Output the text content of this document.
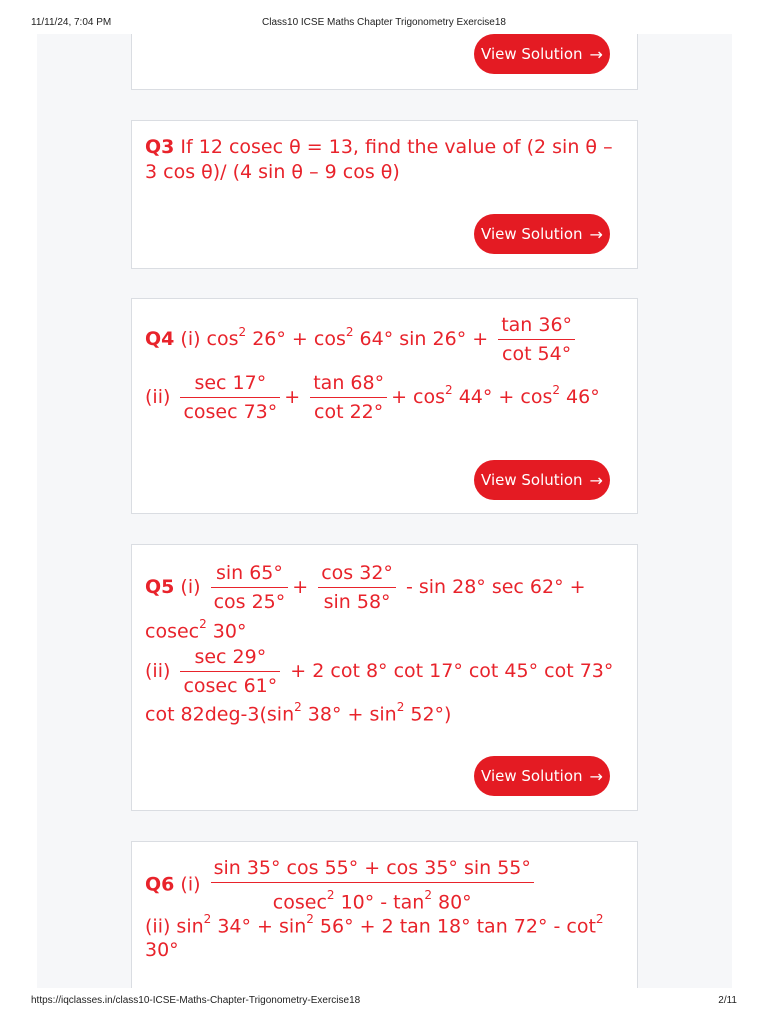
11/11/24, 7:04 PM	Class10 ICSE Maths Chapter Trigonometry Exercise18
View Solution →
Q3 If 12 cosec θ = 13, find the value of (2 sin θ – 3 cos θ)/ (4 sin θ – 9 cos θ)
View Solution →
Q4 (i) $\cos^2 26^\circ + \cos^2 64^\circ$ $\sin 26^\circ + \frac{\tan 36^\circ}{\cot 54^\circ}$
$(ii) \frac{\sec 17^\circ}{cosec 73^\circ} + \frac{\tan 68^\circ}{\cot 22^\circ} + \cos^2 44^\circ + \cos^2 46^\circ$
View Solution →
Q5 $(i) \frac{\sin 65^\circ}{\cos 25^\circ} + \frac{\cos 32^\circ}{\sin 58^\circ} - \sin 28^\circ$ sec 62° +
cosec$^2$ 30°
$(ii) \frac{\sec 29^\circ}{cosec 61^\circ} + 2$ cot 8° cot 17° cot 45° cot 73°
$\cot 82deg-3(\sin^2$ $38^\circ + \sin^2 52^\circ$)
View Solution →
Q6 $(i) \frac{\sin 35^\circ \cos 55^\circ + \cos 35^\circ \sin 55^\circ}{cosec^2 10^\circ - \tan^2 80^\circ}$
(ii) $\sin^2 34^\circ + \sin^2 56^\circ + 2$ tan 18° $\tan 72^\circ - \cot^2$
30°
https://iqclasses.in/class10-ICSE-Maths-Chapter-Trigonometry-Exercise18	2/11
